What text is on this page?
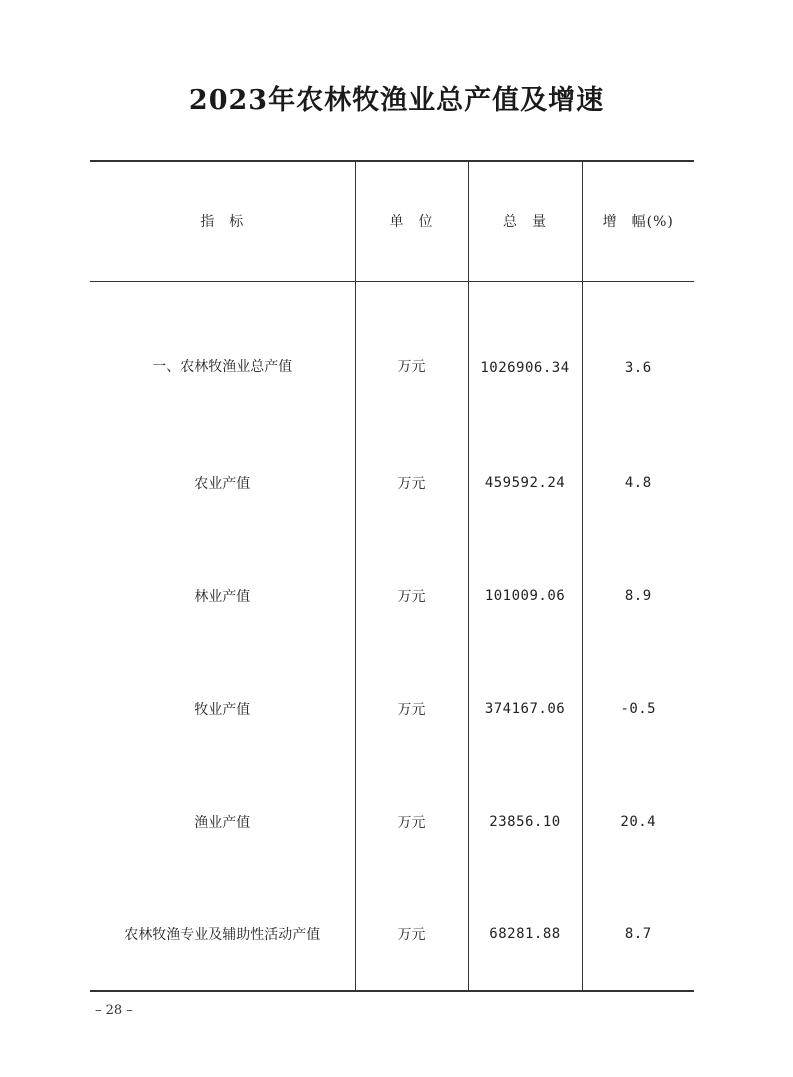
2023年农林牧渔业总产值及增速
指 标	单 位	总 量	增 幅(%)
一、农林牧渔业总产值	万元	1026906.34	3.6
农业产值	万元	459592.24	4.8
林业产值	万元	101009.06	8.9
牧业产值	万元	374167.06	-0.5
渔业产值	万元	23856.10	20.4
农林牧渔专业及辅助性活动产值	万元	68281.88	8.7
– 28 –
